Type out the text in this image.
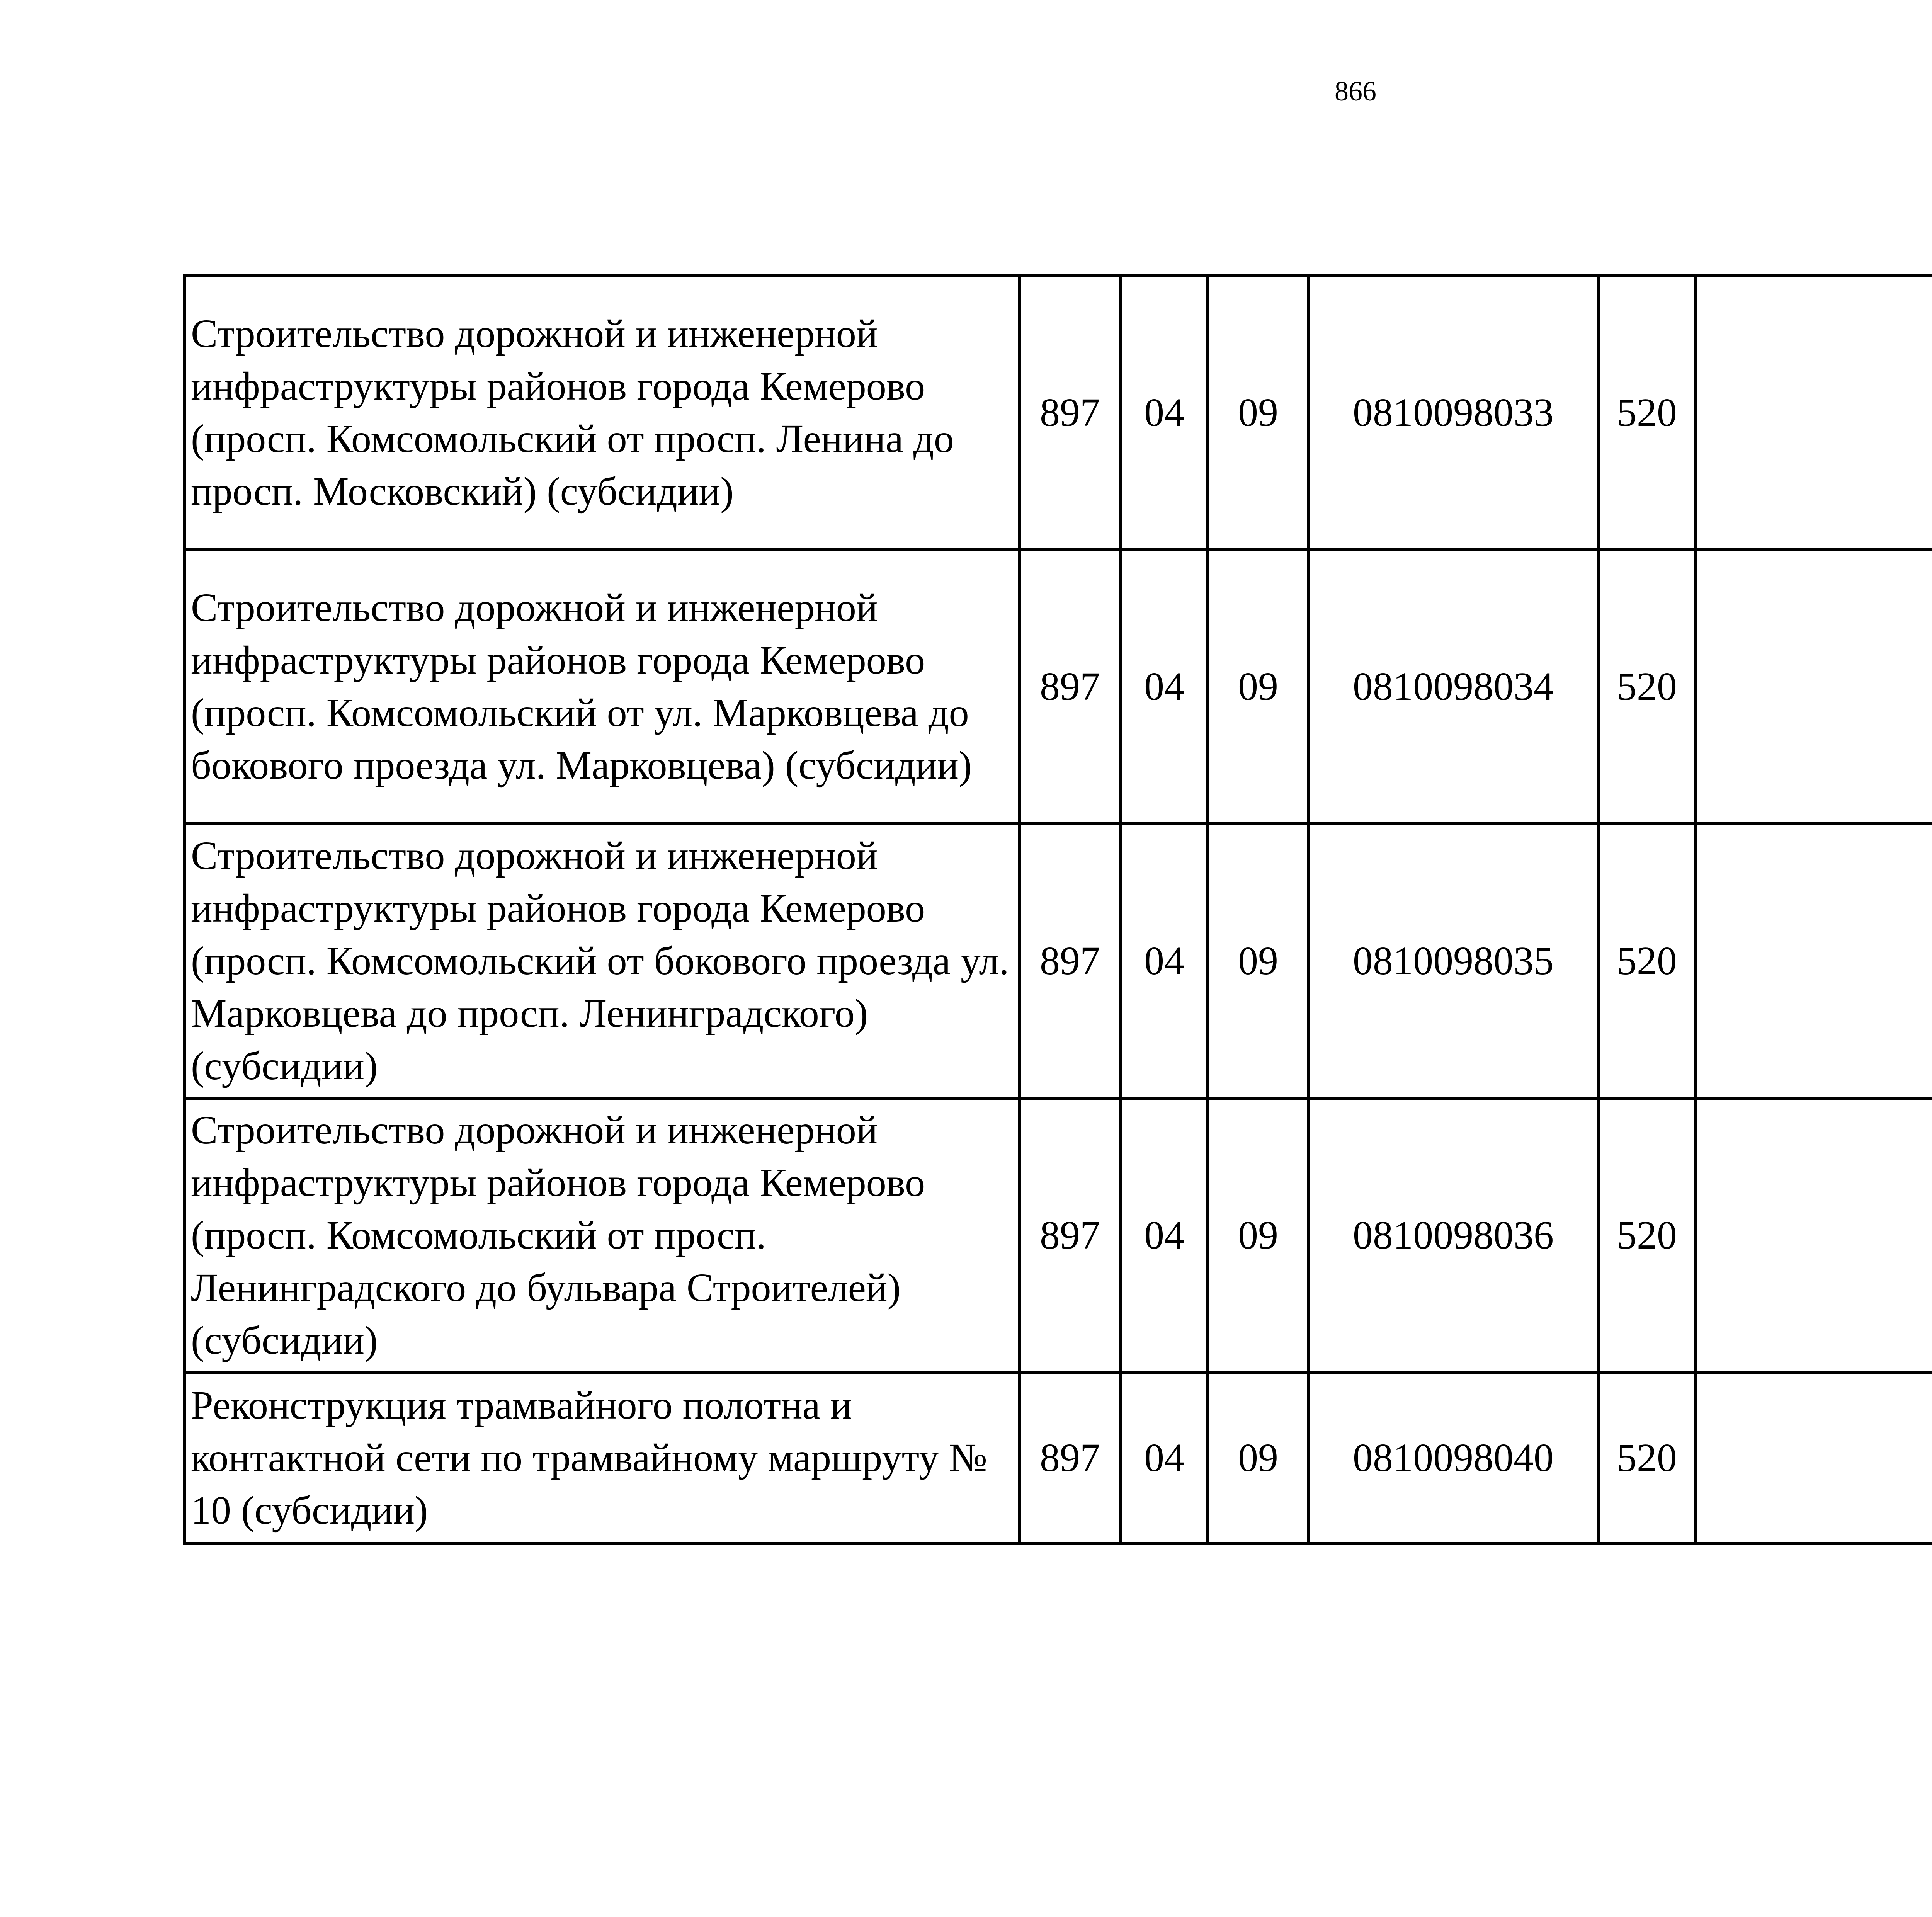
866
Строительство дорожной и инженерной инфраструктуры районов города Кемерово (просп. Комсомольский от просп. Ленина до просп. Московский) (субсидии)	897	04	09	0810098033	520			
Строительство дорожной и инженерной инфраструктуры районов города Кемерово (просп. Комсомольский от ул. Марковцева до бокового проезда ул. Марковцева) (субсидии)	897	04	09	0810098034	520			
Строительство дорожной и инженерной инфраструктуры районов города Кемерово (просп. Комсомольский от бокового проезда ул. Марковцева до просп. Ленинградского) (субсидии)	897	04	09	0810098035	520			
Строительство дорожной и инженерной инфраструктуры районов города Кемерово (просп. Комсомольский от просп. Ленинградского до бульвара Строителей) (субсидии)	897	04	09	0810098036	520			
Реконструкция трамвайного полотна и контактной сети по трамвайному маршруту № 10 (субсидии)	897	04	09	0810098040	520			
